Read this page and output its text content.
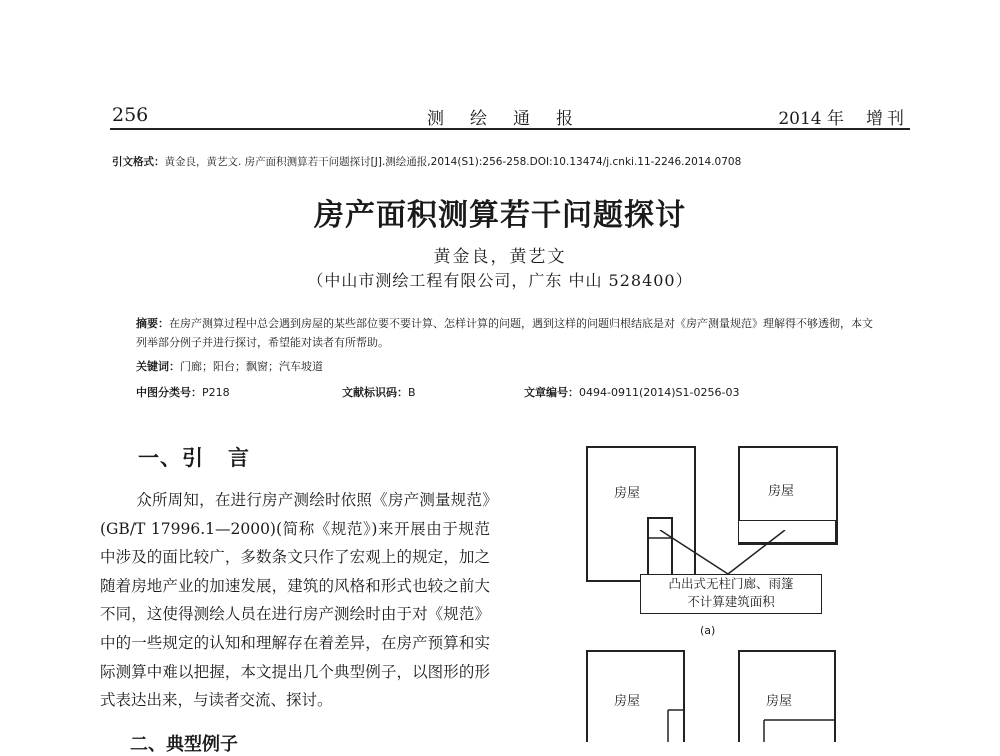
256	测绘通报	2014 年 增刊
引文格式：黄金良，黄艺文. 房产面积测算若干问题探讨[J].测绘通报,2014(S1):256-258.DOI:10.13474/j.cnki.11-2246.2014.0708
房产面积测算若干问题探讨
黄金良，黄艺文
（中山市测绘工程有限公司，广东 中山 528400）
摘要：在房产测算过程中总会遇到房屋的某些部位要不要计算、怎样计算的问题，遇到这样的问题归根结底是对《房产测量规范》理解得不够透彻，本文列举部分例子并进行探讨，希望能对读者有所帮助。
关键词：门廊；阳台；飘窗；汽车坡道
中图分类号：P218	文献标识码：B	文章编号：0494-0911(2014)S1-0256-03
一、引 言
众所周知，在进行房产测绘时依照《房产测量规范》(GB/T 17996.1—2000)(简称《规范》)来开展由于规范中涉及的面比较广，多数条文只作了宏观上的规定，加之随着房地产业的加速发展，建筑的风格和形式也较之前大不同，这使得测绘人员在进行房产测绘时由于对《规范》中的一些规定的认知和理解存在着差异，在房产预算和实际测算中难以把握，本文提出几个典型例子，以图形的形式表达出来，与读者交流、探讨。
二、典型例子
房屋	房屋
凸出式无柱门廊、雨篷
不计算建筑面积
(a)
房屋	房屋
